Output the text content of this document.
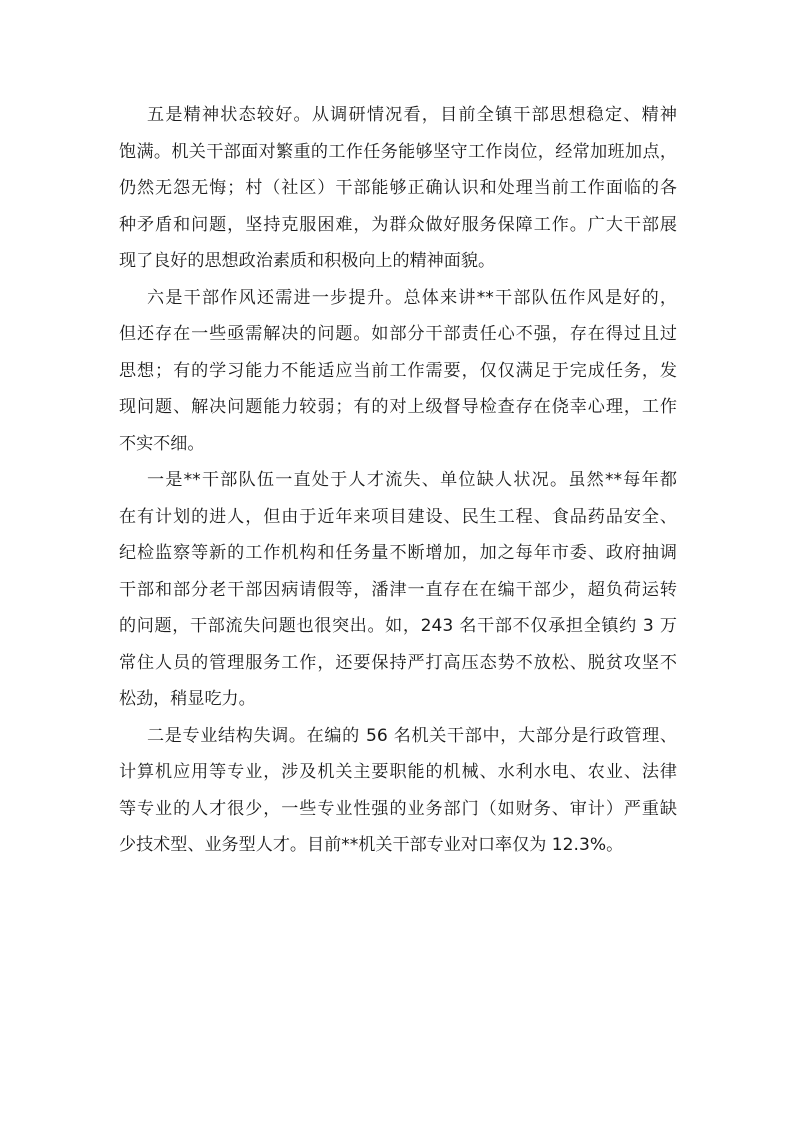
五是精神状态较好。从调研情况看，目前全镇干部思想稳定、精神
饱满。机关干部面对繁重的工作任务能够坚守工作岗位，经常加班加点，
仍然无怨无悔；村（社区）干部能够正确认识和处理当前工作面临的各
种矛盾和问题，坚持克服困难，为群众做好服务保障工作。广大干部展
现了良好的思想政治素质和积极向上的精神面貌。
六是干部作风还需进一步提升。总体来讲**干部队伍作风是好的，
但还存在一些亟需解决的问题。如部分干部责任心不强，存在得过且过
思想；有的学习能力不能适应当前工作需要，仅仅满足于完成任务，发
现问题、解决问题能力较弱；有的对上级督导检查存在侥幸心理，工作
不实不细。
一是**干部队伍一直处于人才流失、单位缺人状况。虽然**每年都
在有计划的进人，但由于近年来项目建设、民生工程、食品药品安全、
纪检监察等新的工作机构和任务量不断增加，加之每年市委、政府抽调
干部和部分老干部因病请假等，潘津一直存在在编干部少，超负荷运转
的问题，干部流失问题也很突出。如，243 名干部不仅承担全镇约 3 万
常住人员的管理服务工作，还要保持严打高压态势不放松、脱贫攻坚不
松劲，稍显吃力。
二是专业结构失调。在编的 56 名机关干部中，大部分是行政管理、
计算机应用等专业，涉及机关主要职能的机械、水利水电、农业、法律
等专业的人才很少，一些专业性强的业务部门（如财务、审计）严重缺
少技术型、业务型人才。目前**机关干部专业对口率仅为 12.3%。
